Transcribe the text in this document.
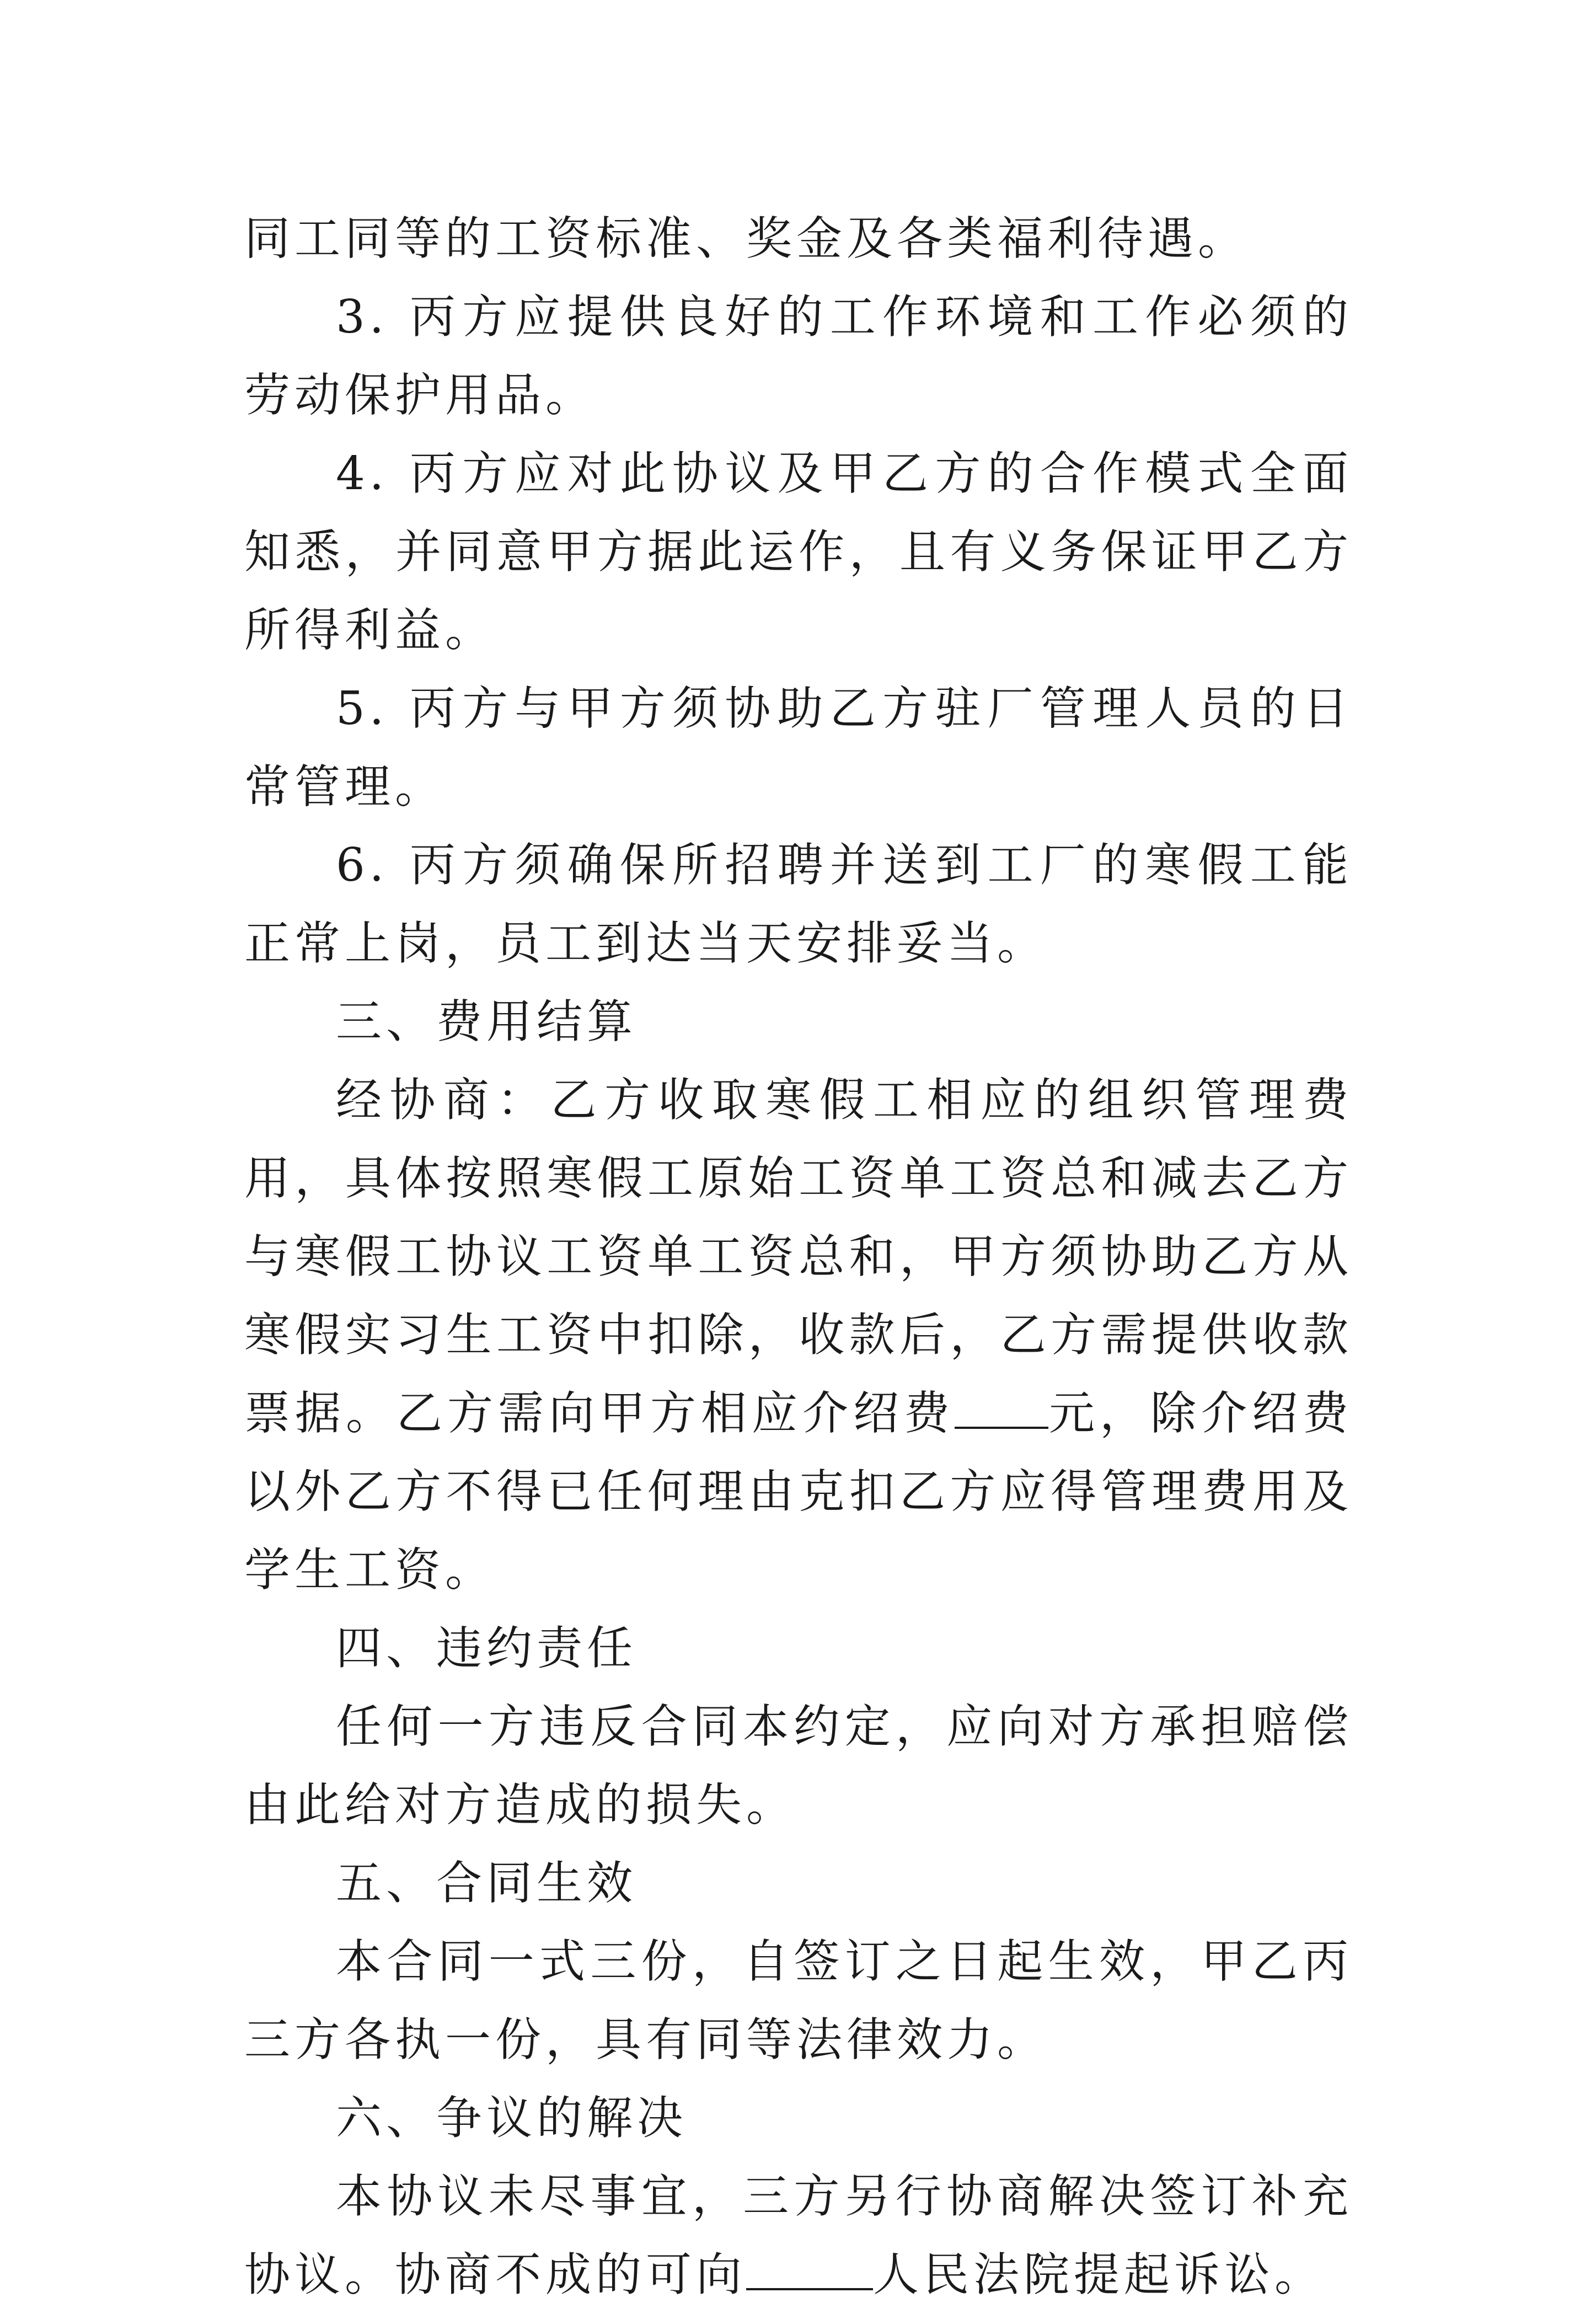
同工同等的工资标准、奖金及各类福利待遇。

3. 丙方应提供良好的工作环境和工作必须的劳动保护用品。

4. 丙方应对此协议及甲乙方的合作模式全面知悉，并同意甲方据此运作，且有义务保证甲乙方所得利益。

5. 丙方与甲方须协助乙方驻厂管理人员的日常管理。

6. 丙方须确保所招聘并送到工厂的寒假工能正常上岗，员工到达当天安排妥当。

三、费用结算

经协商：乙方收取寒假工相应的组织管理费用，具体按照寒假工原始工资单工资总和减去乙方与寒假工协议工资单工资总和，甲方须协助乙方从寒假实习生工资中扣除，收款后，乙方需提供收款票据。乙方需向甲方相应介绍费 元，除介绍费以外乙方不得已任何理由克扣乙方应得管理费用及学生工资。

四、违约责任

任何一方违反合同本约定，应向对方承担赔偿由此给对方造成的损失。

五、合同生效

本合同一式三份，自签订之日起生效，甲乙丙三方各执一份，具有同等法律效力。

六、争议的解决

本协议未尽事宜，三方另行协商解决签订补充协议。协商不成的可向	人民法院提起诉讼。
